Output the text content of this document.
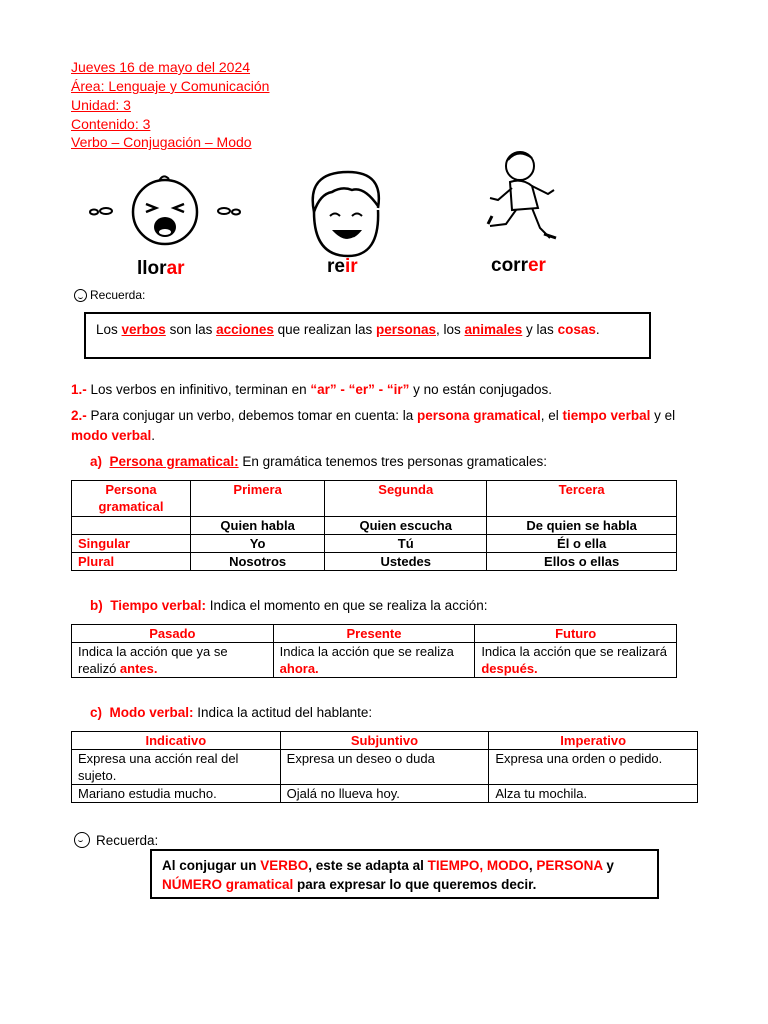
Jueves 16 de mayo del 2024
Área: Lenguaje y Comunicación
Unidad: 3
Contenido: 3
Verbo – Conjugación – Modo
llorar	reir	correr
Recuerda:
Los verbos son las acciones que realizan las personas, los animales y las cosas.
1.- Los verbos en infinitivo, terminan en “ar” - “er” - “ir” y no están conjugados.
2.- Para conjugar un verbo, debemos tomar en cuenta: la persona gramatical, el tiempo verbal y el modo verbal.
a) Persona gramatical: En gramática tenemos tres personas gramaticales:
Persona gramatical	Primera	Segunda	Tercera
	Quien habla	Quien escucha	De quien se habla
Singular	Yo	Tú	Él o ella
Plural	Nosotros	Ustedes	Ellos o ellas
b) Tiempo verbal: Indica el momento en que se realiza la acción:
Pasado	Presente	Futuro
Indica la acción que ya se realizó antes.	Indica la acción que se realiza ahora.	Indica la acción que se realizará después.
c) Modo verbal: Indica la actitud del hablante:
Indicativo	Subjuntivo	Imperativo
Expresa una acción real del sujeto.	Expresa un deseo o duda	Expresa una orden o pedido.
Mariano estudia mucho.	Ojalá no llueva hoy.	Alza tu mochila.
Recuerda:
Al conjugar un VERBO, este se adapta al TIEMPO, MODO, PERSONA y NÚMERO gramatical para expresar lo que queremos decir.
